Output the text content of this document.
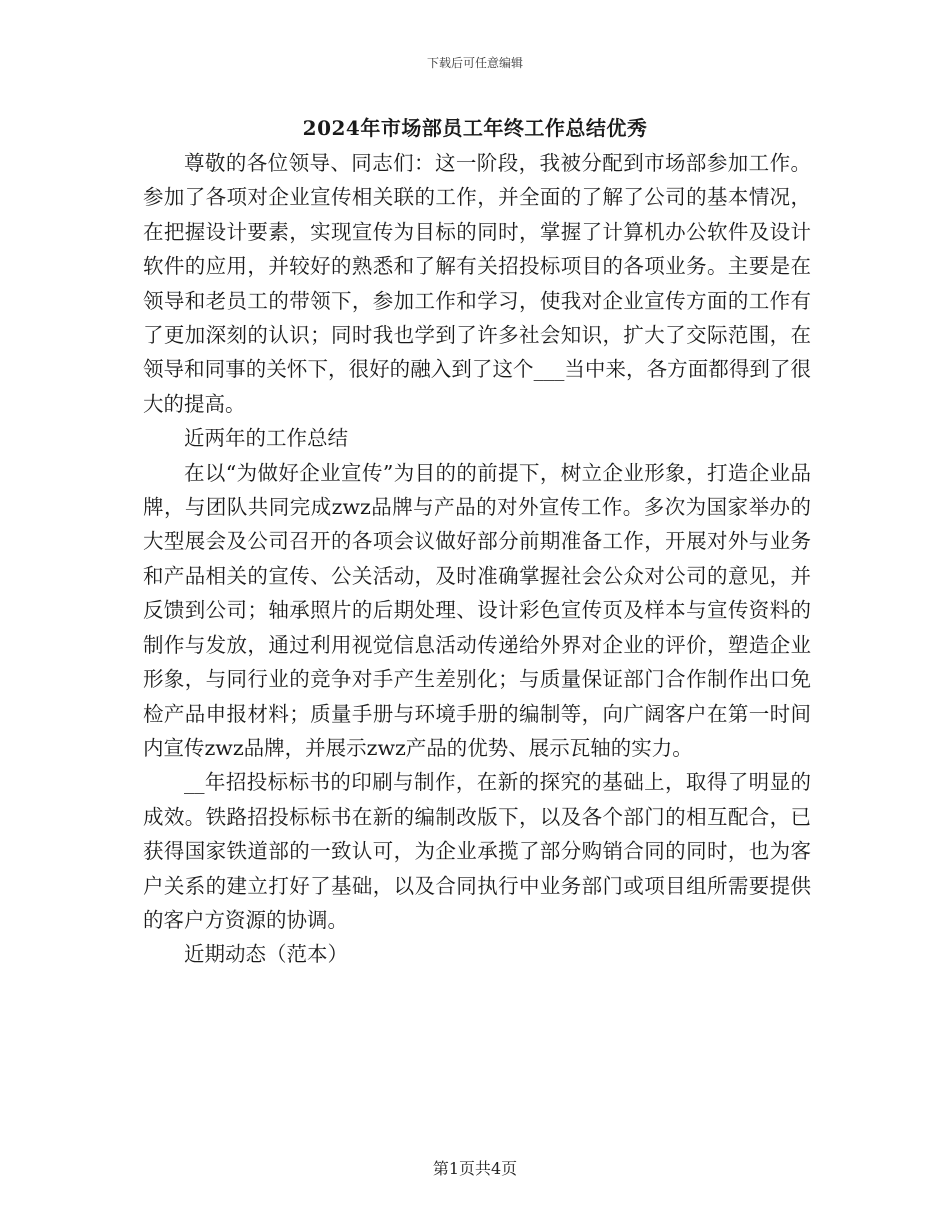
下载后可任意编辑
2024年市场部员工年终工作总结优秀

尊敬的各位领导、同志们：这一阶段，我被分配到市场部参加工作。参加了各项对企业宣传相关联的工作，并全面的了解了公司的基本情况，在把握设计要素，实现宣传为目标的同时，掌握了计算机办公软件及设计软件的应用，并较好的熟悉和了解有关招投标项目的各项业务。主要是在领导和老员工的带领下，参加工作和学习，使我对企业宣传方面的工作有了更加深刻的认识；同时我也学到了许多社会知识，扩大了交际范围，在领导和同事的关怀下，很好的融入到了这个___当中来，各方面都得到了很大的提高。

近两年的工作总结

在以“为做好企业宣传”为目的的前提下，树立企业形象，打造企业品牌，与团队共同完成zwz品牌与产品的对外宣传工作。多次为国家举办的大型展会及公司召开的各项会议做好部分前期准备工作，开展对外与业务和产品相关的宣传、公关活动，及时准确掌握社会公众对公司的意见，并反馈到公司；轴承照片的后期处理、设计彩色宣传页及样本与宣传资料的制作与发放，通过利用视觉信息活动传递给外界对企业的评价，塑造企业形象，与同行业的竞争对手产生差别化；与质量保证部门合作制作出口免检产品申报材料；质量手册与环境手册的编制等，向广阔客户在第一时间内宣传zwz品牌，并展示zwz产品的优势、展示瓦轴的实力。

__年招投标标书的印刷与制作，在新的探究的基础上，取得了明显的成效。铁路招投标标书在新的编制改版下，以及各个部门的相互配合，已获得国家铁道部的一致认可，为企业承揽了部分购销合同的同时，也为客户关系的建立打好了基础，以及合同执行中业务部门或项目组所需要提供的客户方资源的协调。

近期动态（范本）

第1页共4页
